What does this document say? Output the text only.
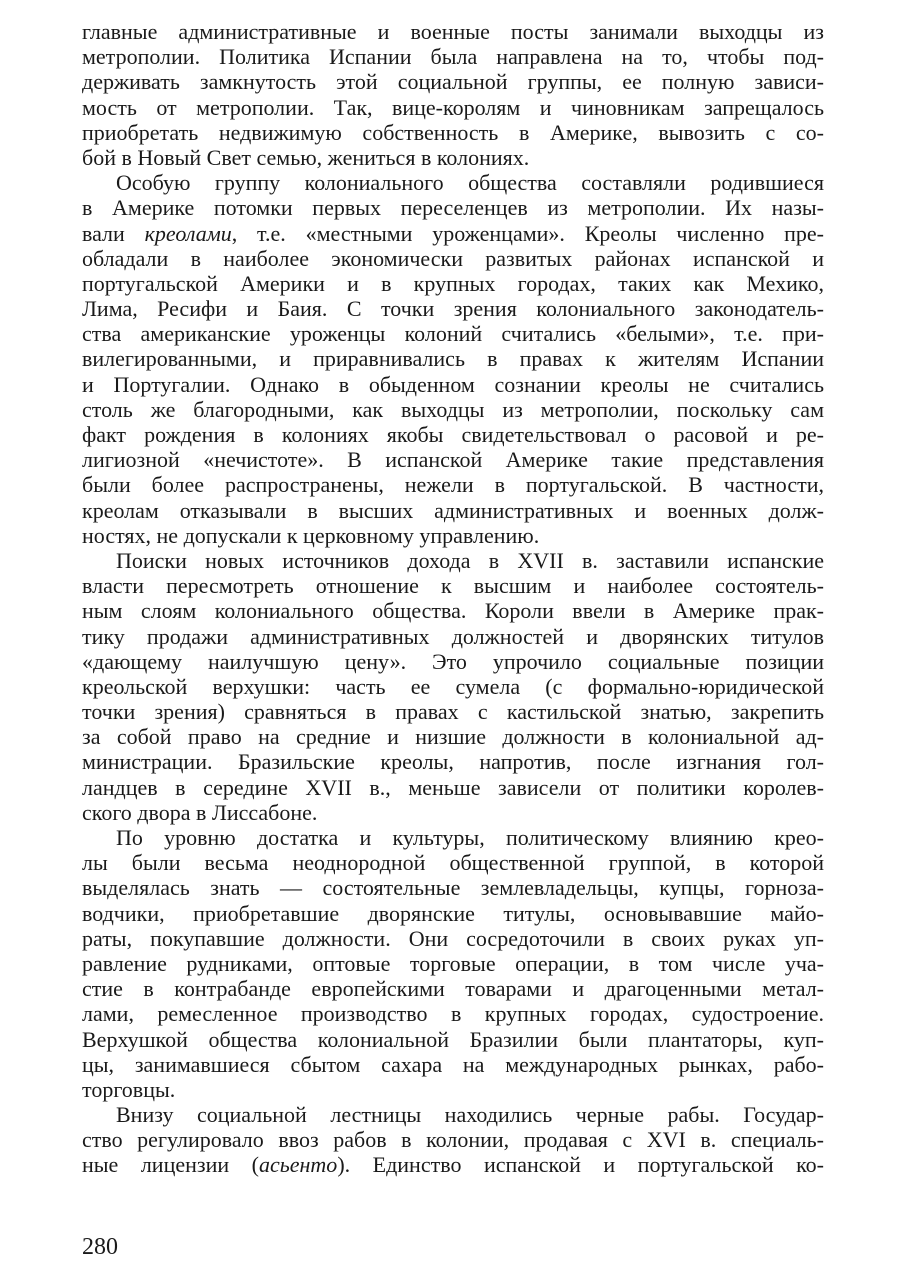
главные административные и военные посты занимали выходцы из
метрополии. Политика Испании была направлена на то, чтобы под-
держивать замкнутость этой социальной группы, ее полную зависи-
мость от метрополии. Так, вице-королям и чиновникам запрещалось
приобретать недвижимую собственность в Америке, вывозить с со-
бой в Новый Свет семью, жениться в колониях.
Особую группу колониального общества составляли родившиеся
в Америке потомки первых переселенцев из метрополии. Их назы-
вали креолами, т.е. «местными уроженцами». Креолы численно пре-
обладали в наиболее экономически развитых районах испанской и
португальской Америки и в крупных городах, таких как Мехико,
Лима, Ресифи и Баия. С точки зрения колониального законодатель-
ства американские уроженцы колоний считались «белыми», т.е. при-
вилегированными, и приравнивались в правах к жителям Испании
и Португалии. Однако в обыденном сознании креолы не считались
столь же благородными, как выходцы из метрополии, поскольку сам
факт рождения в колониях якобы свидетельствовал о расовой и ре-
лигиозной «нечистоте». В испанской Америке такие представления
были более распространены, нежели в португальской. В частности,
креолам отказывали в высших административных и военных долж-
ностях, не допускали к церковному управлению.
Поиски новых источников дохода в XVII в. заставили испанские
власти пересмотреть отношение к высшим и наиболее состоятель-
ным слоям колониального общества. Короли ввели в Америке прак-
тику продажи административных должностей и дворянских титулов
«дающему наилучшую цену». Это упрочило социальные позиции
креольской верхушки: часть ее сумела (с формально-юридической
точки зрения) сравняться в правах с кастильской знатью, закрепить
за собой право на средние и низшие должности в колониальной ад-
министрации. Бразильские креолы, напротив, после изгнания гол-
ландцев в середине XVII в., меньше зависели от политики королев-
ского двора в Лиссабоне.
По уровню достатка и культуры, политическому влиянию крео-
лы были весьма неоднородной общественной группой, в которой
выделялась знать — состоятельные землевладельцы, купцы, горноза-
водчики, приобретавшие дворянские титулы, основывавшие майо-
раты, покупавшие должности. Они сосредоточили в своих руках уп-
равление рудниками, оптовые торговые операции, в том числе уча-
стие в контрабанде европейскими товарами и драгоценными метал-
лами, ремесленное производство в крупных городах, судостроение.
Верхушкой общества колониальной Бразилии были плантаторы, куп-
цы, занимавшиеся сбытом сахара на международных рынках, рабо-
торговцы.
Внизу социальной лестницы находились черные рабы. Государ-
ство регулировало ввоз рабов в колонии, продавая с XVI в. специаль-
ные лицензии (асьенто). Единство испанской и португальской ко-
280
